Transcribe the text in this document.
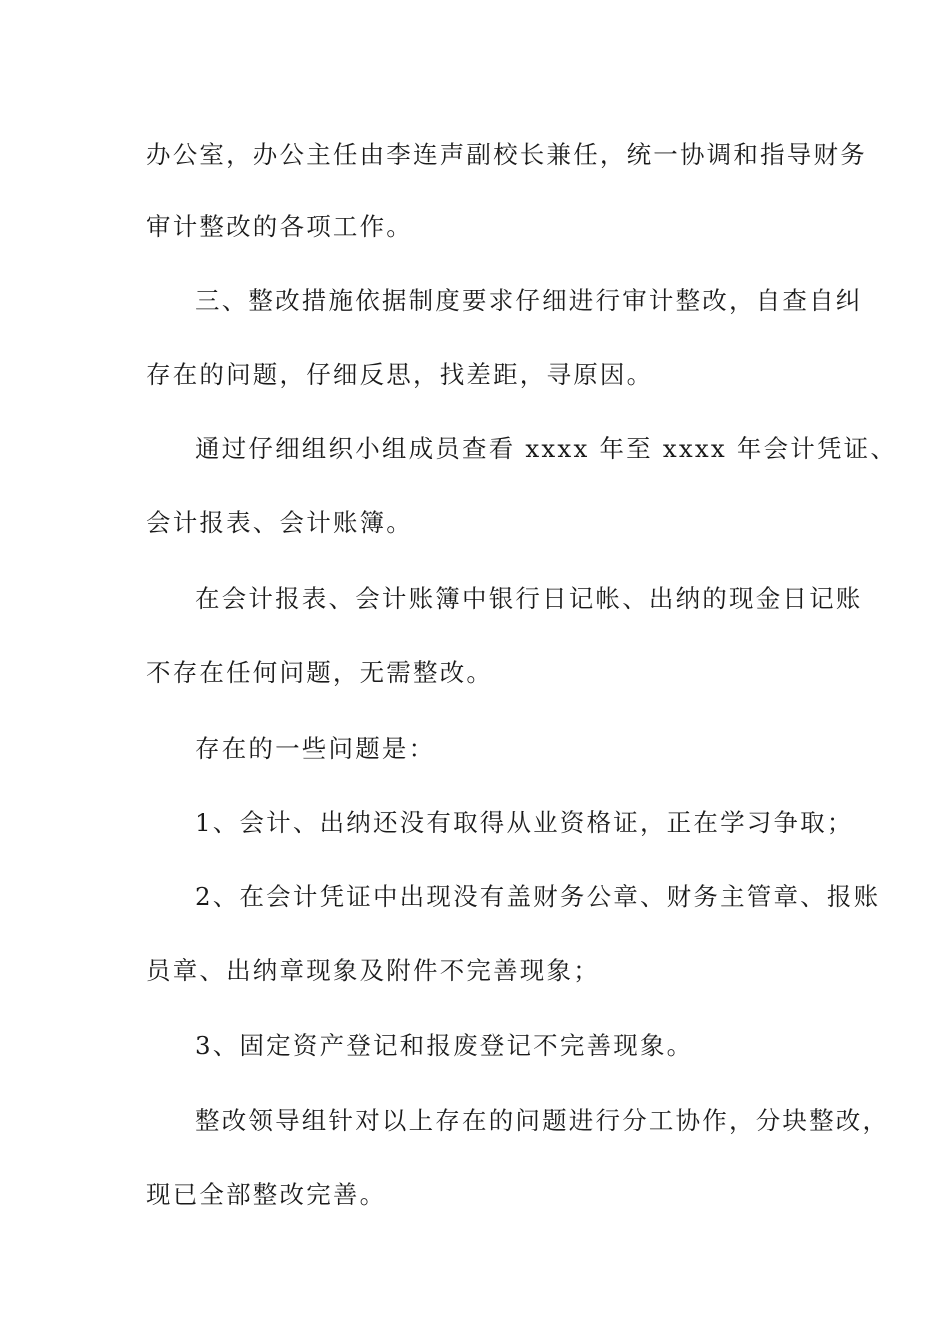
办公室，办公主任由李连声副校长兼任，统一协调和指导财务
审计整改的各项工作。
三、整改措施依据制度要求仔细进行审计整改，自查自纠
存在的问题，仔细反思，找差距，寻原因。
通过仔细组织小组成员查看 xxxx 年至 xxxx 年会计凭证、
会计报表、会计账簿。
在会计报表、会计账簿中银行日记帐、出纳的现金日记账
不存在任何问题，无需整改。
存在的一些问题是：
1、会计、出纳还没有取得从业资格证，正在学习争取；
2、在会计凭证中出现没有盖财务公章、财务主管章、报账
员章、出纳章现象及附件不完善现象；
3、固定资产登记和报废登记不完善现象。
整改领导组针对以上存在的问题进行分工协作，分块整改，
现已全部整改完善。
